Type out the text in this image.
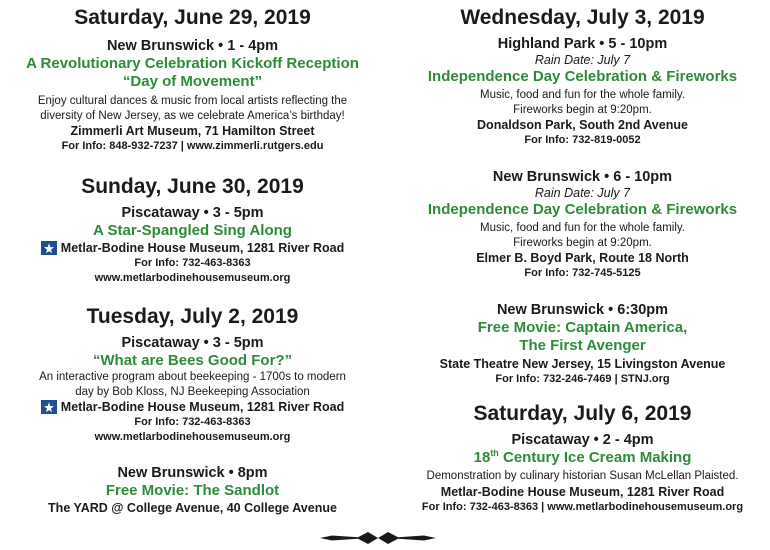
Saturday, June 29, 2019

New Brunswick • 1 - 4pm

A Revolutionary Celebration Kickoff Reception

“Day of Movement”

Enjoy cultural dances & music from local artists reflecting the

diversity of New Jersey, as we celebrate America’s birthday!

Zimmerli Art Museum, 71 Hamilton Street

For Info: 848-932-7237 | www.zimmerli.rutgers.edu

Sunday, June 30, 2019

Piscataway • 3 - 5pm

A Star-Spangled Sing Along

Metlar-Bodine House Museum, 1281 River Road

For Info: 732-463-8363

www.metlarbodinehousemuseum.org

Tuesday, July 2, 2019

Piscataway • 3 - 5pm

“What are Bees Good For?”

An interactive program about beekeeping - 1700s to modern

day by Bob Kloss, NJ Beekeeping Association

Metlar-Bodine House Museum, 1281 River Road

For Info: 732-463-8363

www.metlarbodinehousemuseum.org

New Brunswick • 8pm

Free Movie: The Sandlot

The YARD @ College Avenue, 40 College Avenue

Wednesday, July 3, 2019

Highland Park • 5 - 10pm

Rain Date: July 7

Independence Day Celebration & Fireworks

Music, food and fun for the whole family.

Fireworks begin at 9:20pm.

Donaldson Park, South 2nd Avenue

For Info: 732-819-0052

New Brunswick • 6 - 10pm

Rain Date: July 7

Independence Day Celebration & Fireworks

Music, food and fun for the whole family.

Fireworks begin at 9:20pm.

Elmer B. Boyd Park, Route 18 North

For Info: 732-745-5125

New Brunswick • 6:30pm

Free Movie: Captain America,

The First Avenger

State Theatre New Jersey, 15 Livingston Avenue

For Info: 732-246-7469 | STNJ.org

Saturday, July 6, 2019

Piscataway • 2 - 4pm

18th Century Ice Cream Making

Demonstration by culinary historian Susan McLellan Plaisted.

Metlar-Bodine House Museum, 1281 River Road

For Info: 732-463-8363 | www.metlarbodinehousemuseum.org
